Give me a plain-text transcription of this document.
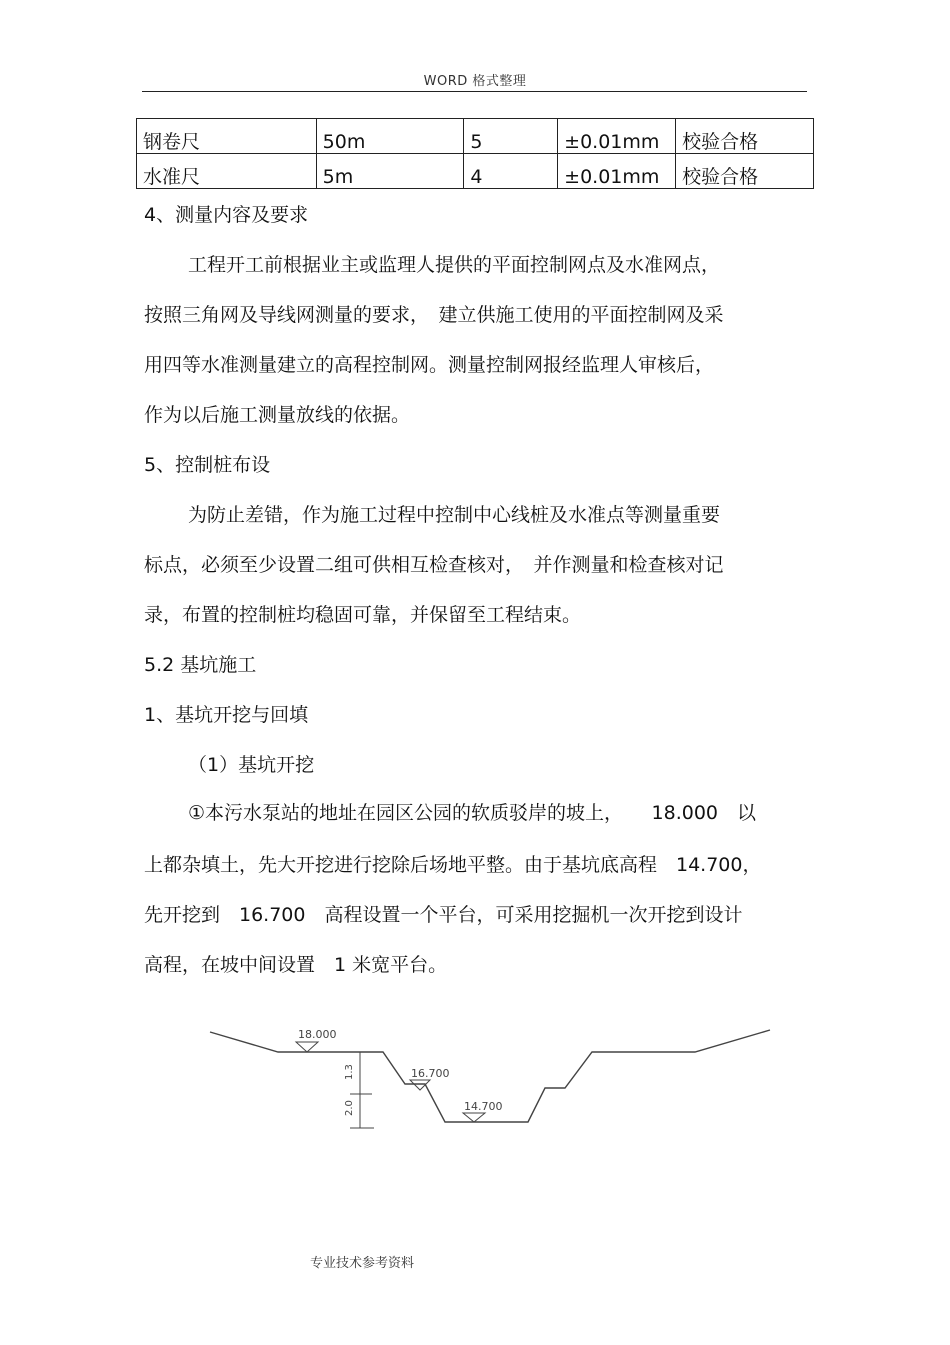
WORD 格式整理
钢卷尺	50m	5	±0.01mm	校验合格
水准尺	5m	4	±0.01mm	校验合格
4、测量内容及要求
工程开工前根据业主或监理人提供的平面控制网点及水准网点，
按照三角网及导线网测量的要求，　建立供施工使用的平面控制网及采
用四等水准测量建立的高程控制网。测量控制网报经监理人审核后，
作为以后施工测量放线的依据。
5、控制桩布设
为防止差错，作为施工过程中控制中心线桩及水准点等测量重要
标点，必须至少设置二组可供相互检查核对，　并作测量和检查核对记
录，布置的控制桩均稳固可靠，并保留至工程结束。
5.2 基坑施工
1、基坑开挖与回填
（1）基坑开挖
①本污水泵站的地址在园区公园的软质驳岸的坡上，　　18.000　以
上都杂填土，先大开挖进行挖除后场地平整。由于基坑底高程　14.700，
先开挖到　16.700　高程设置一个平台，可采用挖掘机一次开挖到设计
高程，在坡中间设置　1 米宽平台。
18.000
16.700
14.700
1.3
2.0
专业技术参考资料
